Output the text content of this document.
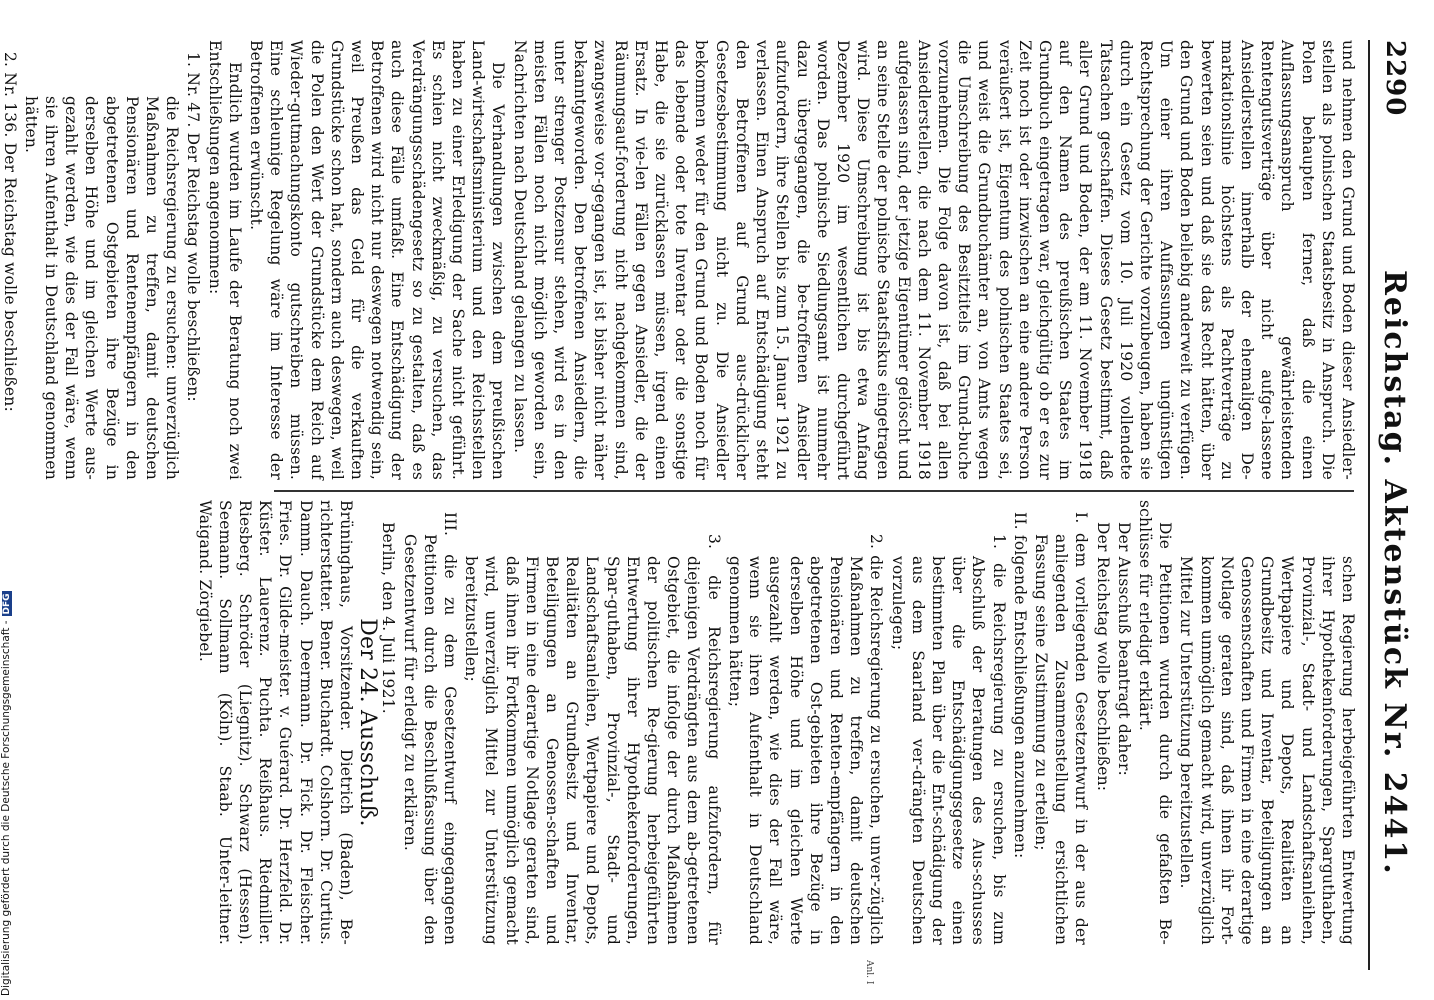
2290
Reichstag. Aktenstück Nr. 2441.

und nehmen den Grund und Boden dieser Ansiedler-stellen als polnischen Staatsbesitz in Anspruch. Die Polen behaupten ferner, daß die einen Auflassungsanspruch gewährleistenden Rentengutsverträge über nicht aufge-lassene Ansiedlerstellen innerhalb der ehemaligen De-markationslinie höchstens als Pachtverträge zu bewerten seien und daß sie das Recht hätten, über den Grund und Boden beliebig anderweit zu verfügen. Um einer ihren Auffassungen ungünstigen Rechtsprechung der Gerichte vorzubeugen, haben sie durch ein Gesetz vom 10. Juli 1920 vollendete Tatsachen geschaffen. Dieses Gesetz bestimmt, daß aller Grund und Boden, der am 11. November 1918 auf den Namen des preußischen Staates im Grundbuch eingetragen war, gleichgültig ob er es zur Zeit noch ist oder inzwischen an eine andere Person veräußert ist, Eigentum des polnischen Staates sei, und weist die Grundbuchämter an, von Amts wegen die Umschreibung des Besitztitels im Grund-buche vorzunehmen. Die Folge davon ist, daß bei allen Ansiedlerstellen, die nach dem 11. November 1918 aufgelassen sind, der jetzige Eigentümer gelöscht und an seine Stelle der polnische Staatsfiskus eingetragen wird. Diese Umschreibung ist bis etwa Anfang Dezember 1920 im wesentlichen durchgeführt worden. Das polnische Siedlungsamt ist nunmehr dazu übergegangen, die be-troffenen Ansiedler aufzufordern, ihre Stellen bis zum 15. Januar 1921 zu verlassen. Einen Anspruch auf Entschädigung steht den Betroffenen auf Grund aus-drücklicher Gesetzesbestimmung nicht zu. Die Ansiedler bekommen weder für den Grund und Boden noch für das lebende oder tote Inventar oder die sonstige Habe, die sie zurücklassen müssen, irgend einen Ersatz. In vie-len Fällen gegen Ansiedler, die der Räumungsauf-forderung nicht nachgekommen sind, zwangsweise vor-gegangen ist, ist bisher nicht näher bekanntgeworden. Den betroffenen Ansiedlern, die unter strenger Postzensur stehen, wird es in den meisten Fällen noch nicht möglich geworden sein, Nachrichten nach Deutschland gelangen zu lassen.

Die Verhandlungen zwischen dem preußischen Land-wirtschaftsministerium und den Reichsstellen haben zu einer Erledigung der Sache nicht geführt. Es schien nicht zweckmäßig, zu versuchen, das Verdrängungsschädengesetz so zu gestalten, daß es auch diese Fälle umfaßt. Eine Entschädigung der Betroffenen wird nicht nur deswegen notwendig sein, weil Preußen das Geld für die verkauften Grundstücke schon hat, sondern auch deswegen, weil die Polen den Wert der Grundstücke dem Reich auf Wieder-gutmachungskonto gutschreiben müssen. Eine schleunige Regelung wäre im Interesse der Betroffenen erwünscht.

Endlich wurden im Laufe der Beratung noch zwei Entschließungen angenommen:

1. Nr. 47. Der Reichstag wolle beschließen:

die Reichsregierung zu ersuchen: unverzüglich Maßnahmen zu treffen, damit deutschen Pensionären und Rentenempfängern in den abgetretenen Ostgebieten ihre Bezüge in derselben Höhe und im gleichen Werte aus-gezahlt werden, wie dies der Fall wäre, wenn sie ihren Aufenthalt in Deutschland genommen hätten.

2. Nr. 136. Der Reichstag wolle beschließen:

schen Regierung herbeigeführten Entwertung ihrer Hypothekenforderungen, Sparguthaben, Provinzial-, Stadt- und Landschaftsanleihen, Wertpapiere und Depots, Realitäten an Grundbesitz und Inventar, Beteiligungen an Genossenschaften und Firmen in eine derartige Notlage geraten sind, daß ihnen ihr Fort-kommen unmöglich gemacht wird, unverzüglich Mittel zur Unterstützung bereitzustellen.

Die Petitionen wurden durch die gefaßten Be-schlüsse für erledigt erklärt.

Der Ausschuß beantragt daher:

Der Reichstag wolle beschließen:

I. dem vorliegenden Gesetzentwurf in der aus der anliegenden Zusammenstellung ersichtlichen Fassung seine Zustimmung zu erteilen;

II. folgende Entschließungen anzunehmen:

1. die Reichsregierung zu ersuchen, bis zum Abschluß der Beratungen des Aus-schusses über die Entschädigungsgesetze einen bestimmten Plan über die Ent-schädigung der aus dem Saarland ver-drängten Deutschen vorzulegen;

2. die Reichsregierung zu ersuchen, unver-züglich Maßnahmen zu treffen, damit deutschen Pensionären und Renten-empfängern in den abgetretenen Ost-gebieten ihre Bezüge in derselben Höhe und im gleichen Werte ausgezahlt werden, wie dies der Fall wäre, wenn sie ihren Aufenthalt in Deutschland genommen hätten;

3. die Reichsregierung aufzufordern, für diejenigen Verdrängten aus dem ab-getretenen Ostgebiet, die infolge der durch Maßnahmen der politischen Re-gierung herbeigeführten Entwertung ihrer Hypothekenforderungen, Spar-guthaben, Provinzial-, Stadt- und Landschaftsanleihen, Wertpapiere und Depots, Realitäten an Grundbesitz und Inventar, Beteiligungen an Genossen-schaften und Firmen in eine derartige Notlage geraten sind, daß ihnen ihr Fortkommen unmöglich gemacht wird, unverzüglich Mittel zur Unterstützung bereitzustellen;

III. die zu dem Gesetzentwurf eingegangenen Petitionen durch die Beschlußfassung über den Gesetzentwurf für erledigt zu erklären.

Berlin, den 4. Juli 1921.

Der 24. Ausschuß.

Brüninghaus, Vorsitzender. Dietrich (Baden), Be-richterstatter. Bener. Buchardt. Colshorn. Dr. Curtius. Damm. Dauch. Deermann. Dr. Fick. Dr. Fleischer. Fries. Dr. Gilde-meister. v. Guérard. Dr. Herzfeld. Dr. Küster. Lauerenz. Puchta. Reißhaus. Riedmiller. Riesberg. Schröder (Liegnitz). Schwarz (Hessen). Seemann. Sollmann (Köln). Staab. Unter-leitner. Waigand. Zörgiebel.

Anl. I
Digitalisierung gefördert durch die Deutsche Forschungsgemeinschaft -DFG
